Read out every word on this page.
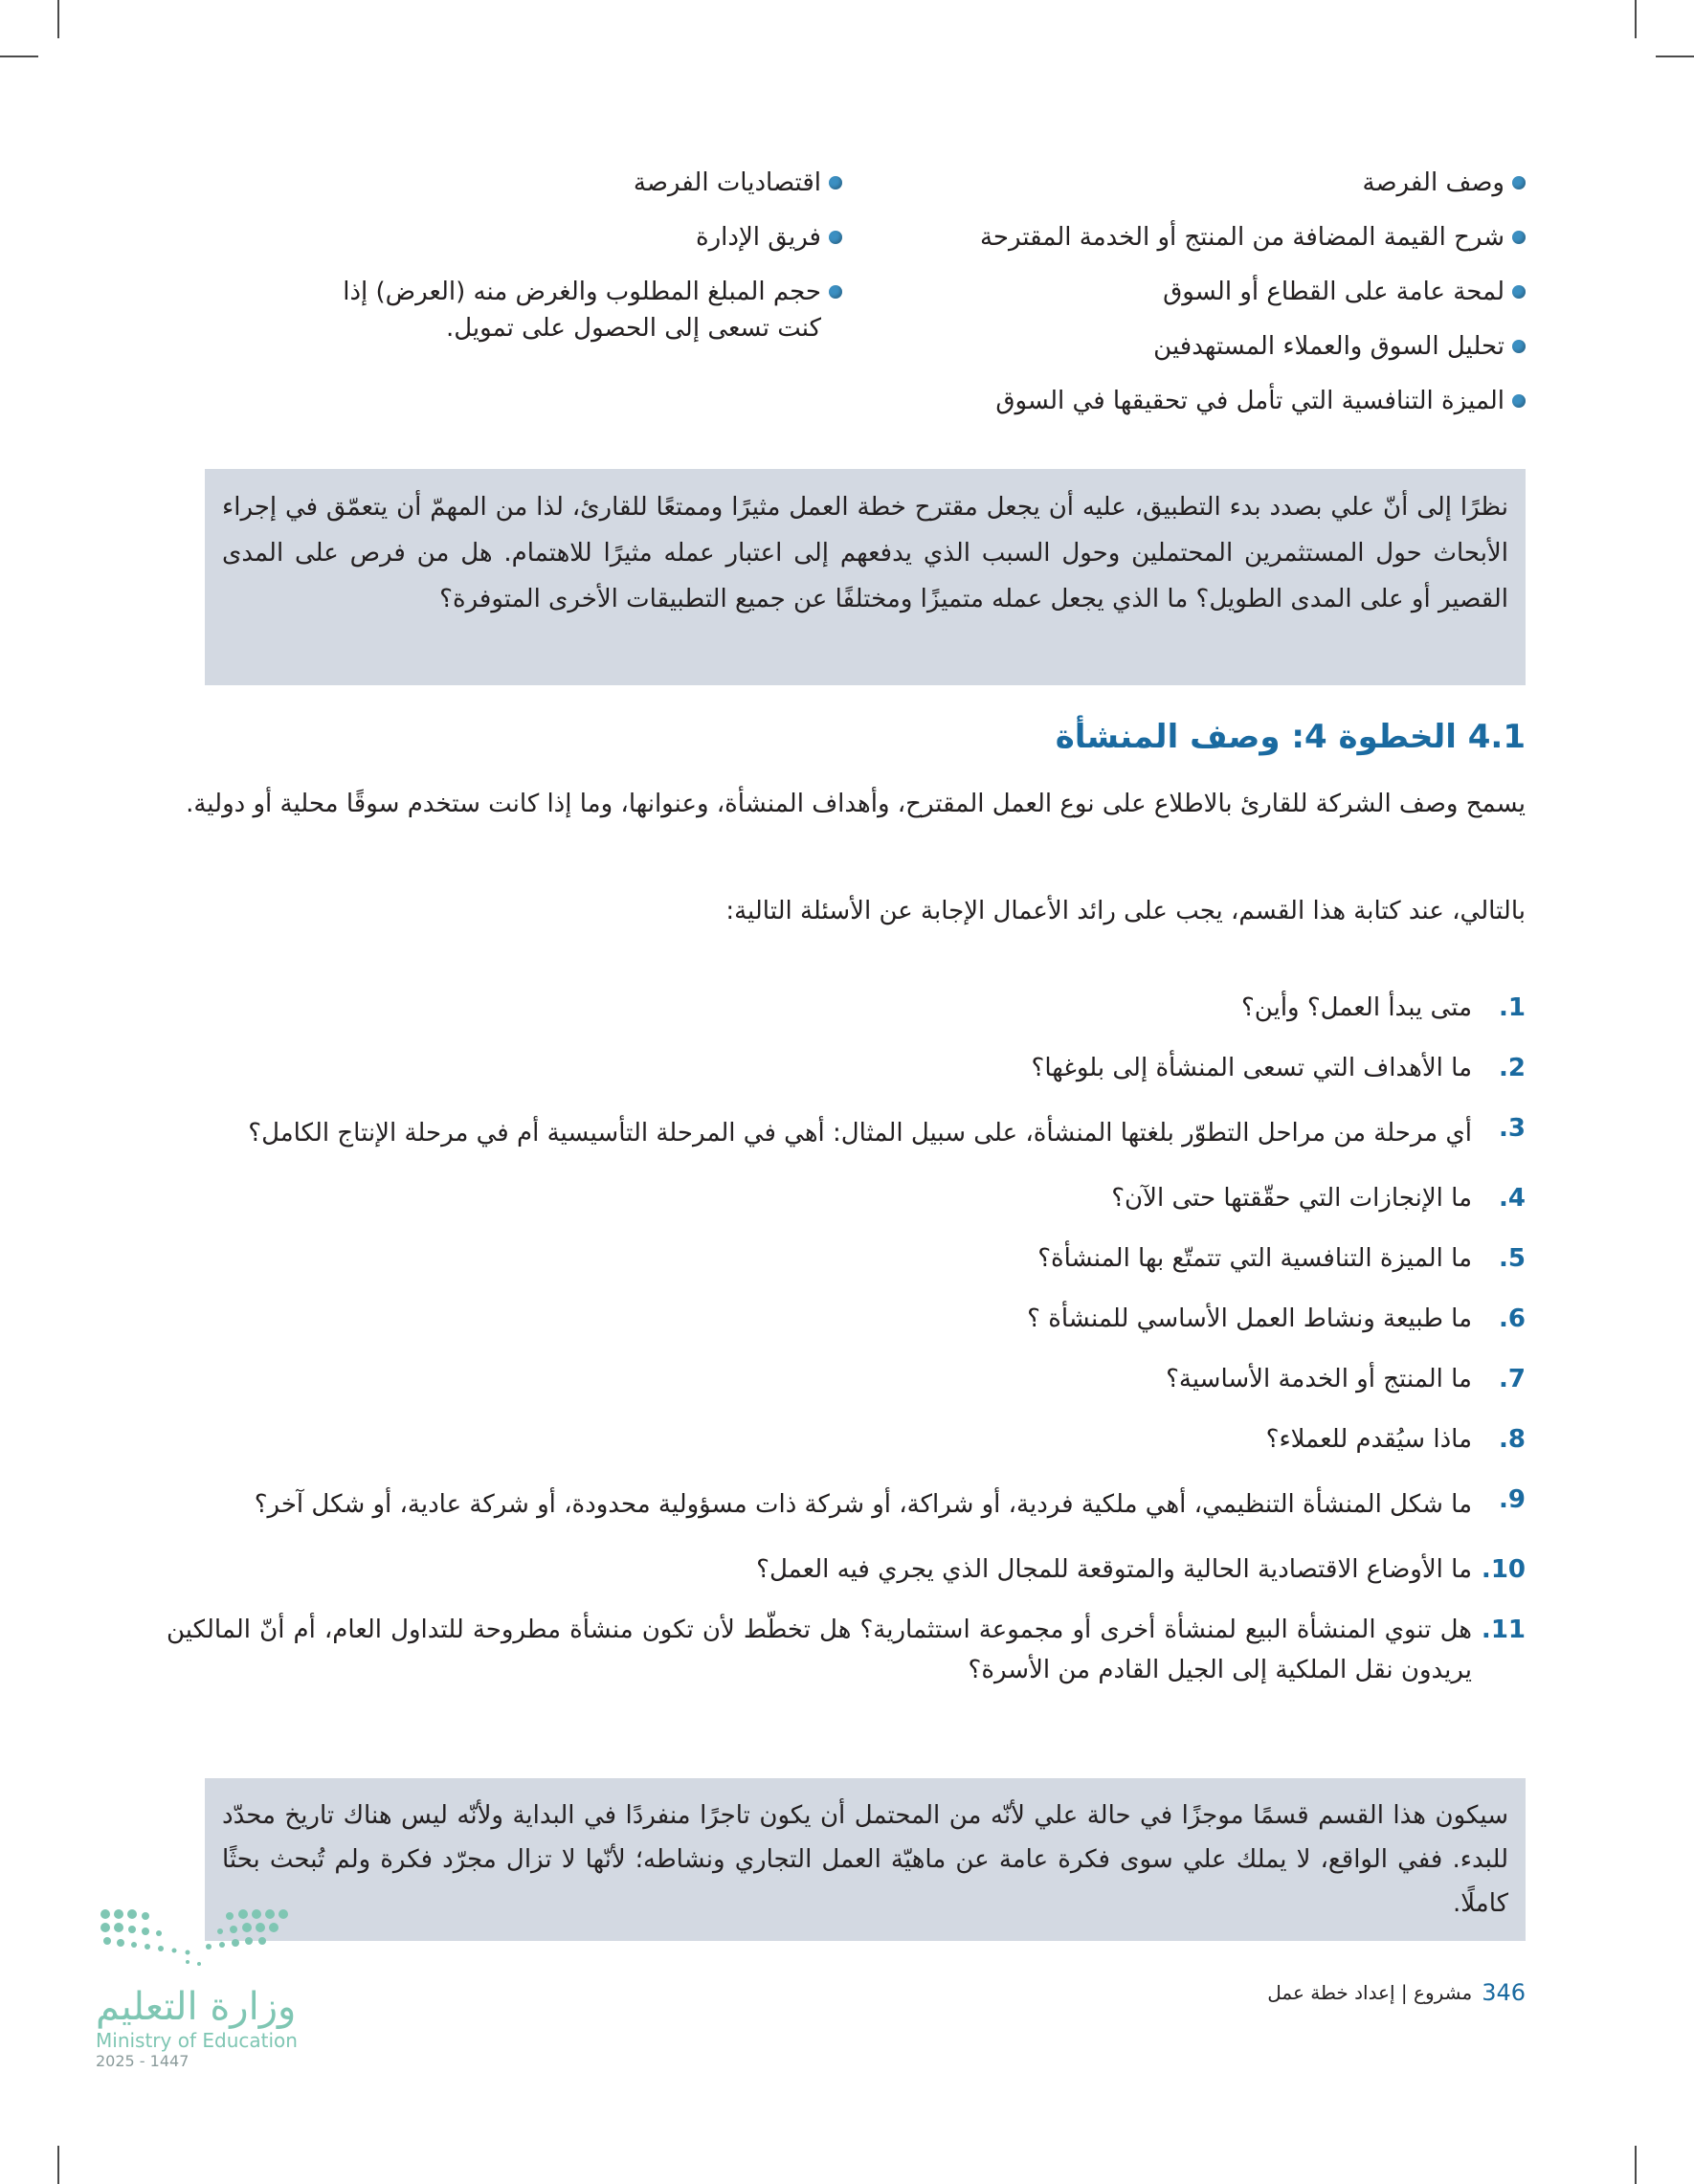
وصف الفرصة
شرح القيمة المضافة من المنتج أو الخدمة المقترحة
لمحة عامة على القطاع أو السوق
تحليل السوق والعملاء المستهدفين
الميزة التنافسية التي تأمل في تحقيقها في السوق
اقتصاديات الفرصة
فريق الإدارة
حجم المبلغ المطلوب والغرض منه (العرض) إذا كنت تسعى إلى الحصول على تمويل.
نظرًا إلى أنّ علي بصدد بدء التطبيق، عليه أن يجعل مقترح خطة العمل مثيرًا وممتعًا للقارئ، لذا من المهمّ أن يتعمّق في إجراء الأبحاث حول المستثمرين المحتملين وحول السبب الذي يدفعهم إلى اعتبار عمله مثيرًا للاهتمام. هل من فرص على المدى القصير أو على المدى الطويل؟ ما الذي يجعل عمله متميزًا ومختلفًا عن جميع التطبيقات الأخرى المتوفرة؟
4.1 الخطوة 4: وصف المنشأة
يسمح وصف الشركة للقارئ بالاطلاع على نوع العمل المقترح، وأهداف المنشأة، وعنوانها، وما إذا كانت ستخدم سوقًا محلية أو دولية.
بالتالي، عند كتابة هذا القسم، يجب على رائد الأعمال الإجابة عن الأسئلة التالية:
1.
متى يبدأ العمل؟ وأين؟
2.
ما الأهداف التي تسعى المنشأة إلى بلوغها؟
3.
أي مرحلة من مراحل التطوّر بلغتها المنشأة، على سبيل المثال: أهي في المرحلة التأسيسية أم في مرحلة الإنتاج الكامل؟
4.
ما الإنجازات التي حقّقتها حتى الآن؟
5.
ما الميزة التنافسية التي تتمتّع بها المنشأة؟
6.
ما طبيعة ونشاط العمل الأساسي للمنشأة ؟
7.
ما المنتج أو الخدمة الأساسية؟
8.
ماذا سيُقدم للعملاء؟
9.
ما شكل المنشأة التنظيمي، أهي ملكية فردية، أو شراكة، أو شركة ذات مسؤولية محدودة، أو شركة عادية، أو شكل آخر؟
10.
ما الأوضاع الاقتصادية الحالية والمتوقعة للمجال الذي يجري فيه العمل؟
11.
هل تنوي المنشأة البيع لمنشأة أخرى أو مجموعة استثمارية؟ هل تخطّط لأن تكون منشأة مطروحة للتداول العام، أم أنّ المالكين يريدون نقل الملكية إلى الجيل القادم من الأسرة؟
سيكون هذا القسم قسمًا موجزًا في حالة علي لأنّه من المحتمل أن يكون تاجرًا منفردًا في البداية ولأنّه ليس هناك تاريخ محدّد للبدء. ففي الواقع، لا يملك علي سوى فكرة عامة عن ماهيّة العمل التجاري ونشاطه؛ لأنّها لا تزال مجرّد فكرة ولم تُبحث بحثًا كاملًا.
346
مشروع | إعداد خطة عمل
وزارة التعليم
Ministry of Education
2025 - 1447
